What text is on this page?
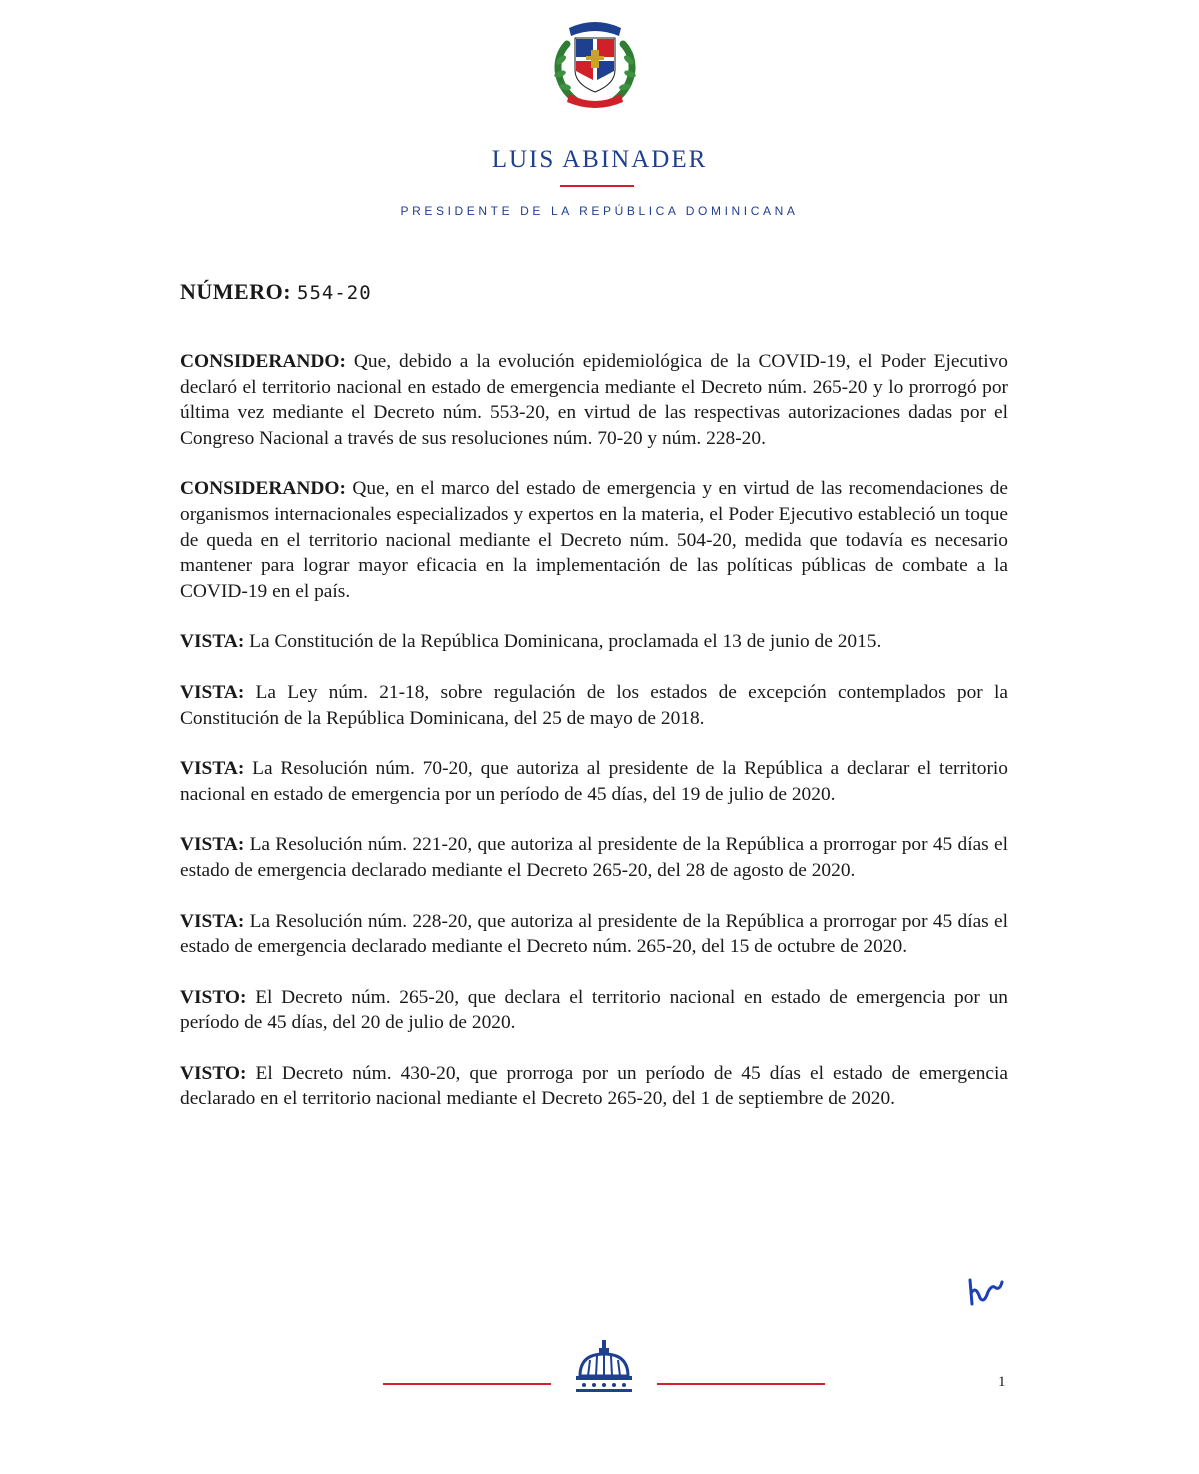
LUIS ABINADER
PRESIDENTE DE LA REPÚBLICA DOMINICANA
NÚMERO: 554-20

CONSIDERANDO: Que, debido a la evolución epidemiológica de la COVID-19, el Poder Ejecutivo declaró el territorio nacional en estado de emergencia mediante el Decreto núm. 265-20 y lo prorrogó por última vez mediante el Decreto núm. 553-20, en virtud de las respectivas autorizaciones dadas por el Congreso Nacional a través de sus resoluciones núm. 70-20 y núm. 228-20.

CONSIDERANDO: Que, en el marco del estado de emergencia y en virtud de las recomendaciones de organismos internacionales especializados y expertos en la materia, el Poder Ejecutivo estableció un toque de queda en el territorio nacional mediante el Decreto núm. 504-20, medida que todavía es necesario mantener para lograr mayor eficacia en la implementación de las políticas públicas de combate a la COVID-19 en el país.

VISTA: La Constitución de la República Dominicana, proclamada el 13 de junio de 2015.

VISTA: La Ley núm. 21-18, sobre regulación de los estados de excepción contemplados por la Constitución de la República Dominicana, del 25 de mayo de 2018.

VISTA: La Resolución núm. 70-20, que autoriza al presidente de la República a declarar el territorio nacional en estado de emergencia por un período de 45 días, del 19 de julio de 2020.

VISTA: La Resolución núm. 221-20, que autoriza al presidente de la República a prorrogar por 45 días el estado de emergencia declarado mediante el Decreto 265-20, del 28 de agosto de 2020.

VISTA: La Resolución núm. 228-20, que autoriza al presidente de la República a prorrogar por 45 días el estado de emergencia declarado mediante el Decreto núm. 265-20, del 15 de octubre de 2020.

VISTO: El Decreto núm. 265-20, que declara el territorio nacional en estado de emergencia por un período de 45 días, del 20 de julio de 2020.

VISTO: El Decreto núm. 430-20, que prorroga por un período de 45 días el estado de emergencia declarado en el territorio nacional mediante el Decreto 265-20, del 1 de septiembre de 2020.

1
